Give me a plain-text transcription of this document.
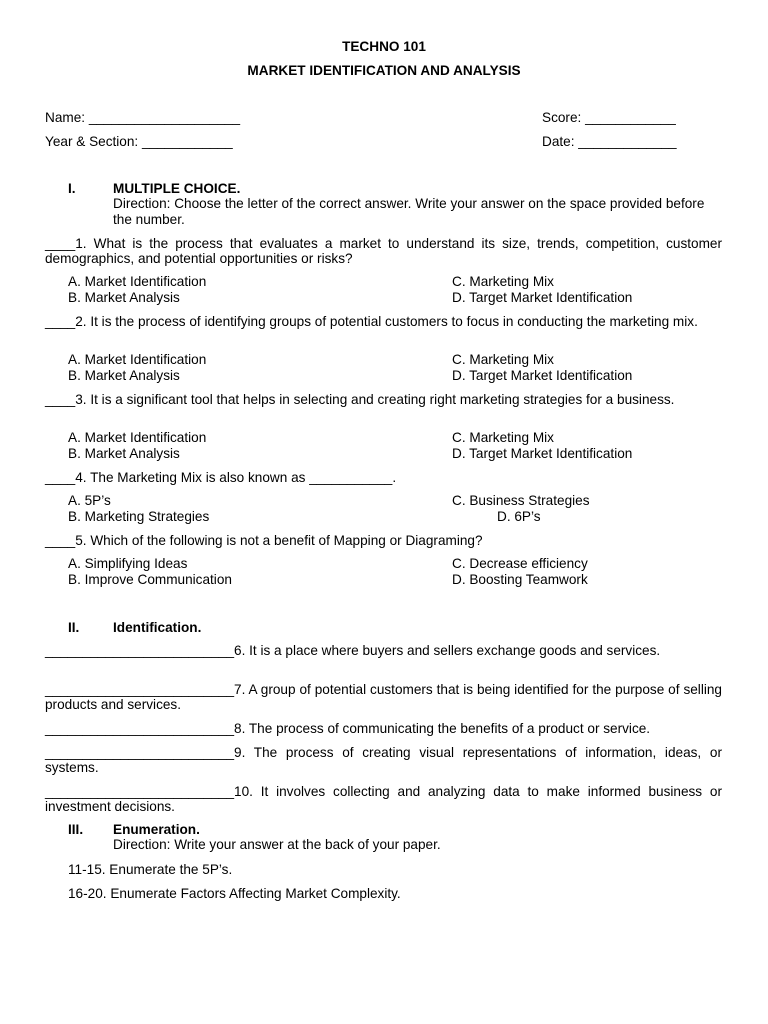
TECHNO 101
MARKET IDENTIFICATION AND ANALYSIS
Name: ____________________	Score: ____________
Year & Section: ____________	Date: _____________
I.	MULTIPLE CHOICE.
Direction: Choose the letter of the correct answer. Write your answer on the space provided before the number.
____1. What is the process that evaluates a market to understand its size, trends, competition, customer demographics, and potential opportunities or risks?
A. Market Identification
B. Market Analysis
C. Marketing Mix
D. Target Market Identification
____2. It is the process of identifying groups of potential customers to focus in conducting the marketing mix.
A. Market Identification
B. Market Analysis
C. Marketing Mix
D. Target Market Identification
____3. It is a significant tool that helps in selecting and creating right marketing strategies for a business.
A. Market Identification
B. Market Analysis
C. Marketing Mix
D. Target Market Identification
____4. The Marketing Mix is also known as ___________.
A. 5P’s
B. Marketing Strategies
C. Business Strategies
D. 6P’s
____5. Which of the following is not a benefit of Mapping or Diagraming?
A. Simplifying Ideas
B. Improve Communication
C. Decrease efficiency
D. Boosting Teamwork
II. Identification.
_________________________6. It is a place where buyers and sellers exchange goods and services.
_________________________7. A group of potential customers that is being identified for the purpose of selling products and services.
_________________________8. The process of communicating the benefits of a product or service.
_________________________9. The process of creating visual representations of information, ideas, or systems.
_________________________10. It involves collecting and analyzing data to make informed business or investment decisions.
III. Enumeration.
Direction: Write your answer at the back of your paper.
11-15. Enumerate the 5P’s.
16-20. Enumerate Factors Affecting Market Complexity.
